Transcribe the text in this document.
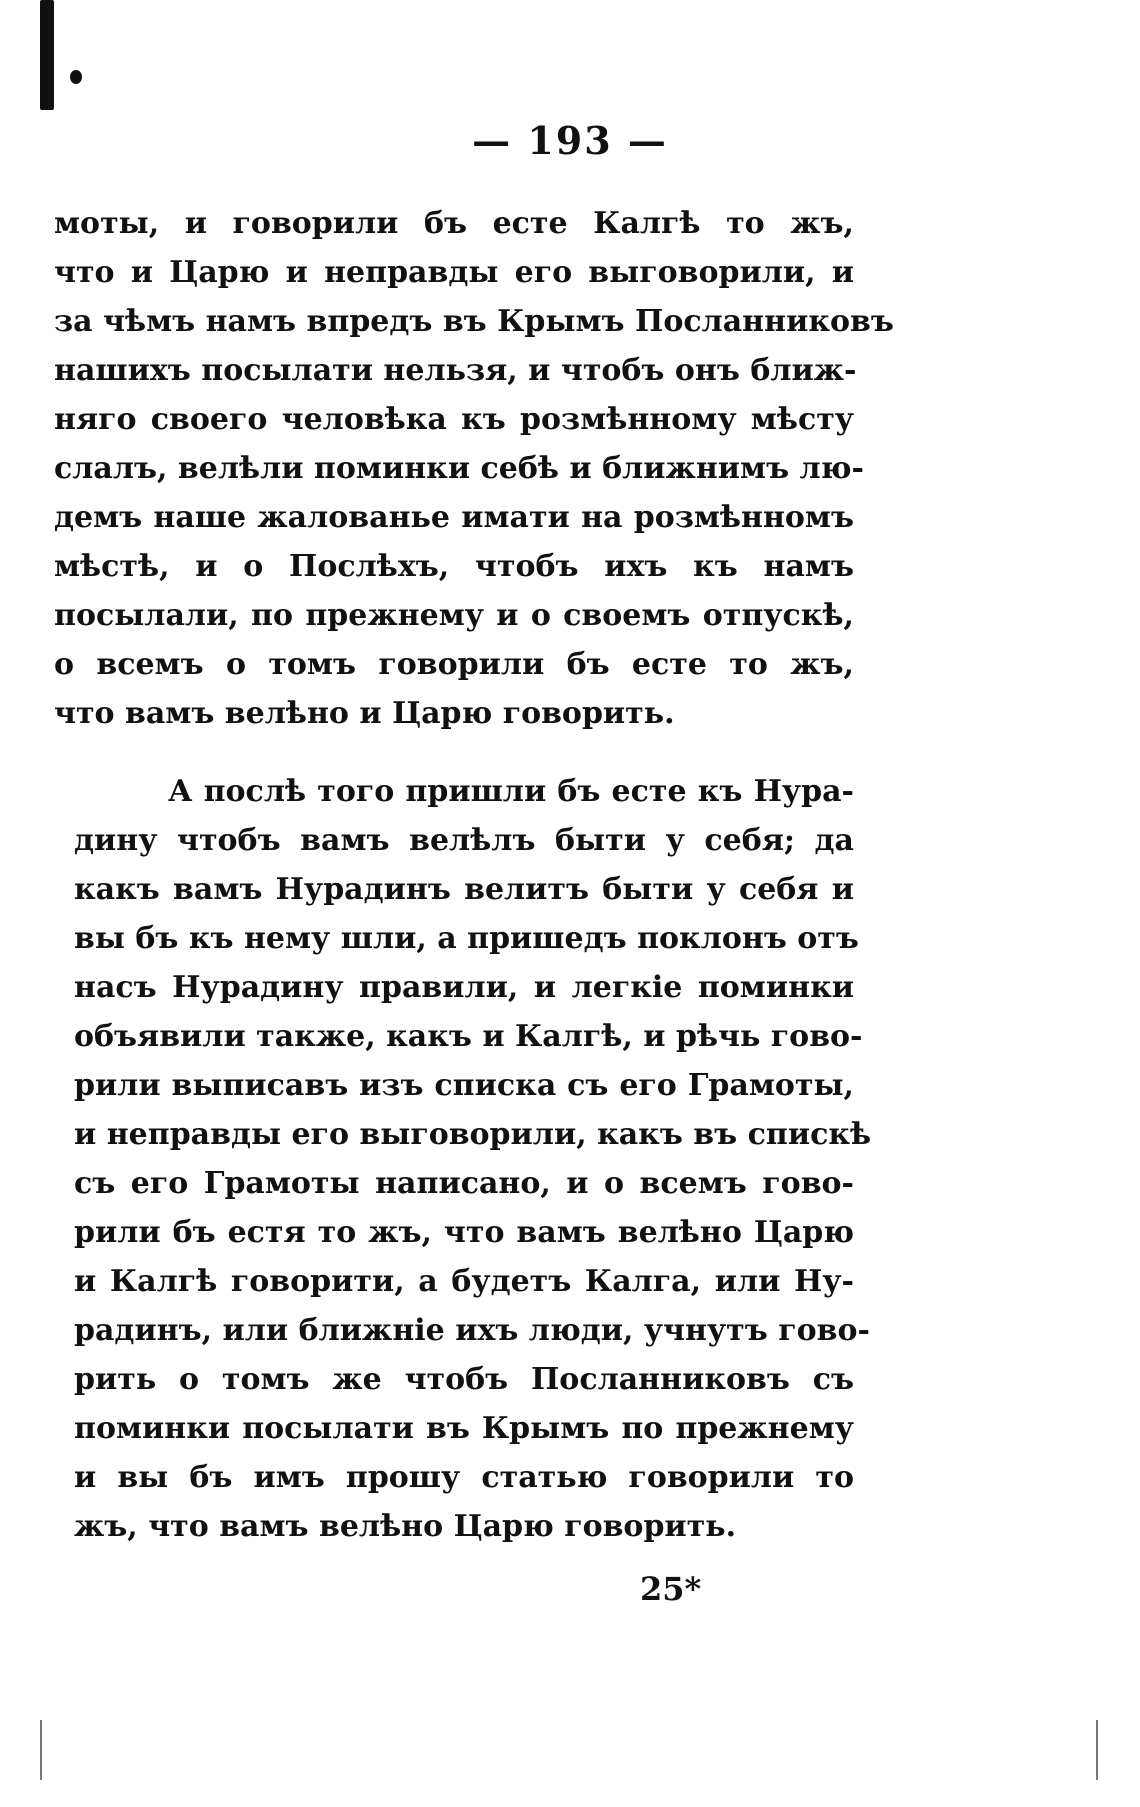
— 193 —
моты, и говорили бъ есте Калгѣ то жъ,
что и Царю и неправды его выговорили, и
за чѣмъ намъ впредъ въ Крымъ Посланниковъ
нашихъ посылати нельзя, и чтобъ онъ ближ-
няго своего человѣка къ розмѣнному мѣсту
слалъ, велѣли поминки себѣ и ближнимъ лю-
демъ наше жалованье имати на розмѣнномъ
мѣстѣ, и о Послѣхъ, чтобъ ихъ къ намъ
посылали, по прежнему и о своемъ отпускѣ,
о всемъ о томъ говорили бъ есте то жъ,
что вамъ велѣно и Царю говорить.
А послѣ того пришли бъ есте къ Нура-
дину чтобъ вамъ велѣлъ быти у себя; да
какъ вамъ Нурадинъ велитъ быти у себя и
вы бъ къ нему шли, а пришедъ поклонъ отъ
насъ Нурадину правили, и легкіе поминки
объявили также, какъ и Калгѣ, и рѣчь гово-
рили выписавъ изъ списка съ его Грамоты,
и неправды его выговорили, какъ въ спискѣ
съ его Грамоты написано, и о всемъ гово-
рили бъ естя то жъ, что вамъ велѣно Царю
и Калгѣ говорити, а будетъ Калга, или Ну-
радинъ, или ближніе ихъ люди, учнутъ гово-
рить о томъ же чтобъ Посланниковъ съ
поминки посылати въ Крымъ по прежнему
и вы бъ имъ прошу статью говорили то
жъ, что вамъ велѣно Царю говорить.
25*
